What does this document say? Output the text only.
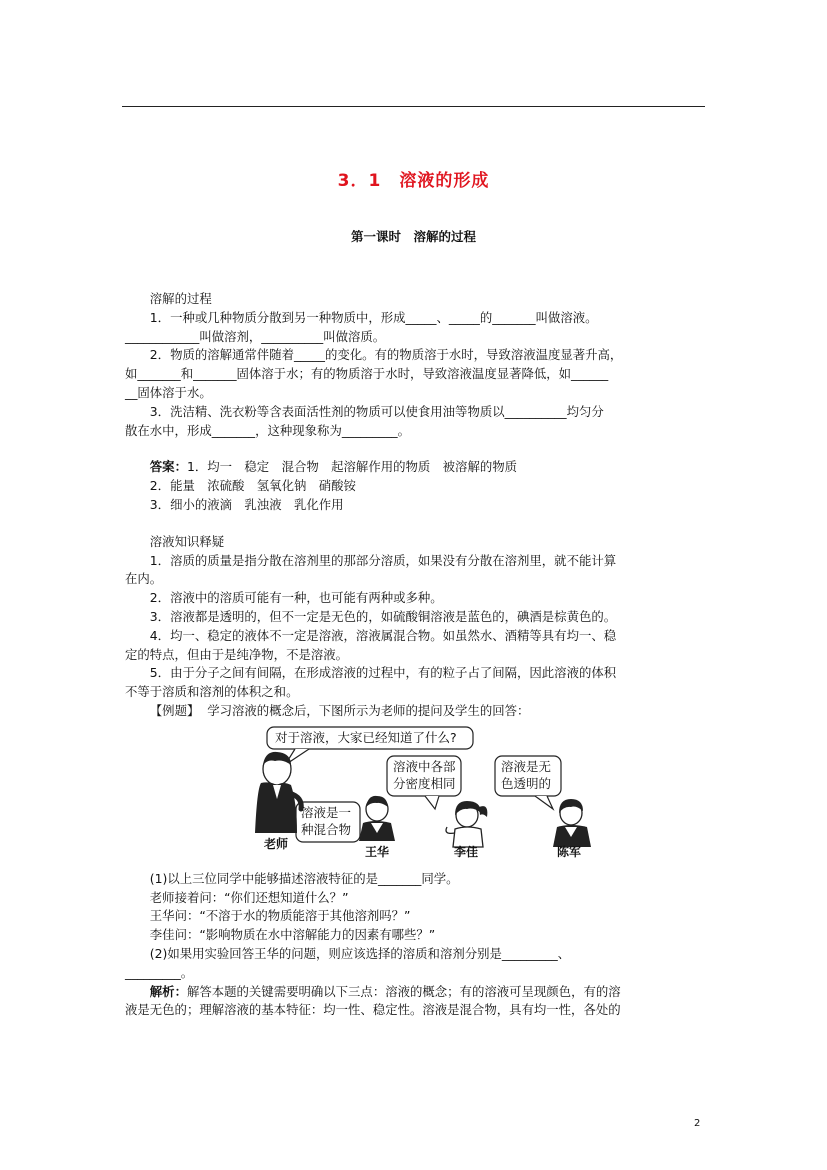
3．1　溶液的形成
第一课时　溶解的过程

溶解的过程

1．一种或几种物质分散到另一种物质中，形成_____、_____的_______叫做溶液。

____________叫做溶剂，__________叫做溶质。

2．物质的溶解通常伴随着_____的变化。有的物质溶于水时，导致溶液温度显著升高，

如_______和_______固体溶于水；有的物质溶于水时，导致溶液温度显著降低，如______

__固体溶于水。

3．洗洁精、洗衣粉等含表面活性剂的物质可以使食用油等物质以__________均匀分

散在水中，形成_______，这种现象称为_________。

答案：1．均一　稳定　混合物　起溶解作用的物质　被溶解的物质

2．能量　浓硫酸　氢氧化钠　硝酸铵

3．细小的液滴　乳浊液　乳化作用

溶液知识释疑

1．溶质的质量是指分散在溶剂里的那部分溶质，如果没有分散在溶剂里，就不能计算

在内。

2．溶液中的溶质可能有一种，也可能有两种或多种。

3．溶液都是透明的，但不一定是无色的，如硫酸铜溶液是蓝色的，碘酒是棕黄色的。

4．均一、稳定的液体不一定是溶液，溶液属混合物。如虽然水、酒精等具有均一、稳

定的特点，但由于是纯净物，不是溶液。

5．由于分子之间有间隔，在形成溶液的过程中，有的粒子占了间隔，因此溶液的体积

不等于溶质和溶剂的体积之和。

【例题】 学习溶液的概念后，下图所示为老师的提问及学生的回答：

对于溶液，大家已经知道了什么?
溶液是一
种混合物
溶液中各部
分密度相同
溶液是无
色透明的
老师
王华	李佳	陈军

(1)以上三位同学中能够描述溶液特征的是_______同学。

老师接着问：“你们还想知道什么？”

王华问：“不溶于水的物质能溶于其他溶剂吗？”

李佳问：“影响物质在水中溶解能力的因素有哪些？”

(2)如果用实验回答王华的问题，则应该选择的溶质和溶剂分别是_________、

_________。

解析：解答本题的关键需要明确以下三点：溶液的概念；有的溶液可呈现颜色，有的溶

液是无色的；理解溶液的基本特征：均一性、稳定性。溶液是混合物，具有均一性，各处的

2
